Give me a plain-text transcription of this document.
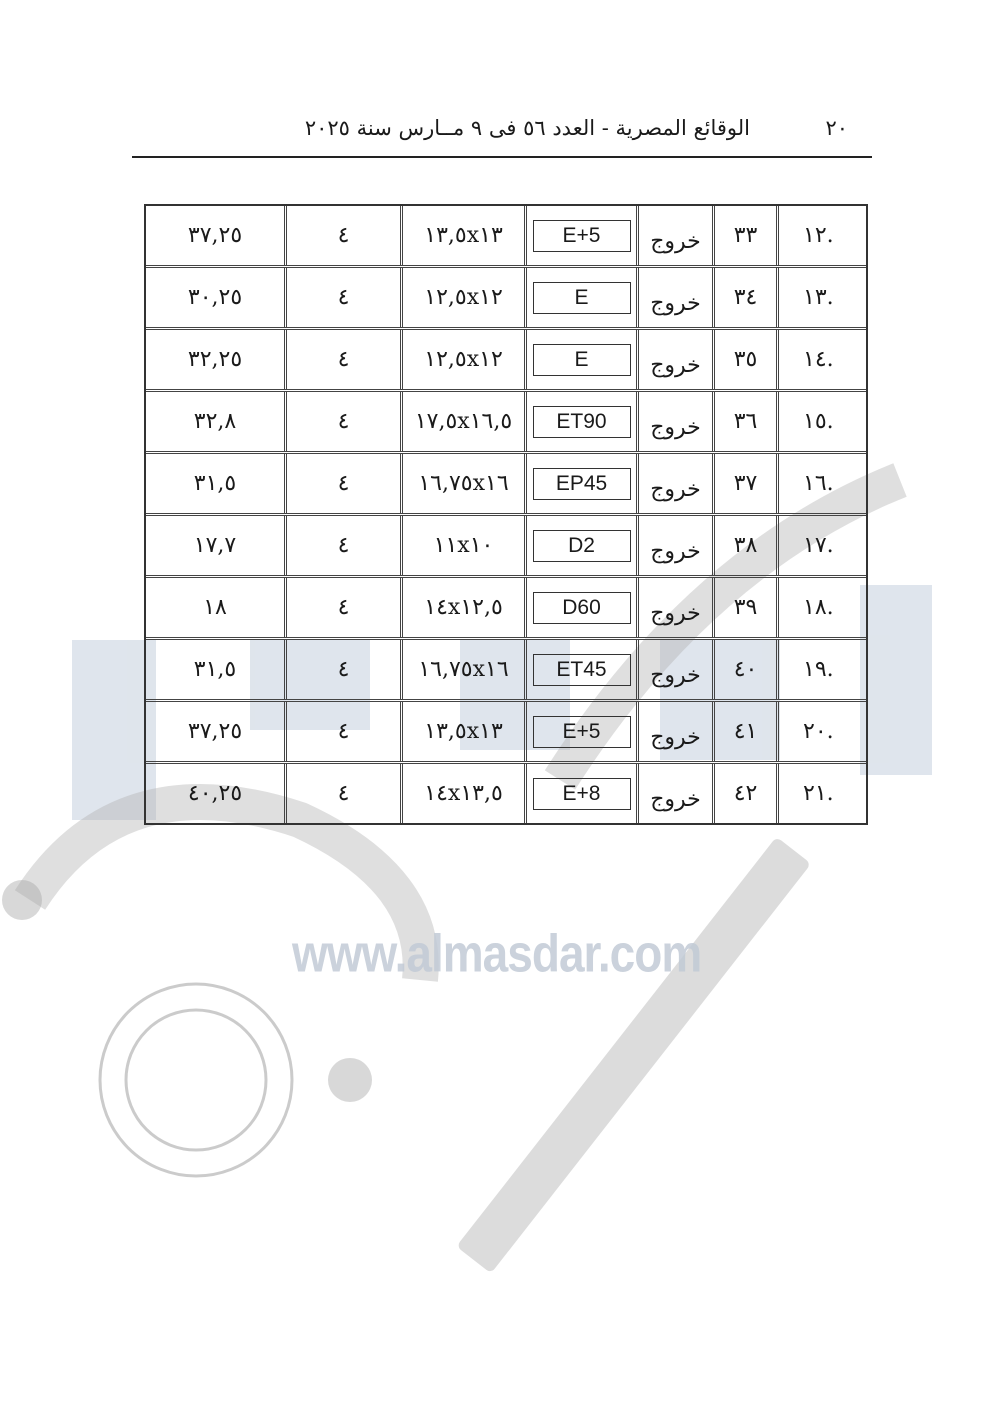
٢٠
الوقائع المصرية - العدد ٥٦ فى ٩ مــارس سنة ٢٠٢٥
www.almasdar.com
.١٢
٣٣
خروج
E+5
١٣,٥x١٣
٤
٣٧,٢٥
.١٣
٣٤
خروج
E
١٢,٥x١٢
٤
٣٠,٢٥
.١٤
٣٥
خروج
E
١٢,٥x١٢
٤
٣٢,٢٥
.١٥
٣٦
خروج
ET90
١٧,٥x١٦,٥
٤
٣٢,٨
.١٦
٣٧
خروج
EP45
١٦,٧٥x١٦
٤
٣١,٥
.١٧
٣٨
خروج
D2
١١x١٠
٤
١٧,٧
.١٨
٣٩
خروج
D60
١٤x١٢,٥
٤
١٨
.١٩
٤٠
خروج
ET45
١٦,٧٥x١٦
٤
٣١,٥
.٢٠
٤١
خروج
E+5
١٣,٥x١٣
٤
٣٧,٢٥
.٢١
٤٢
خروج
E+8
١٤x١٣,٥
٤
٤٠,٢٥
